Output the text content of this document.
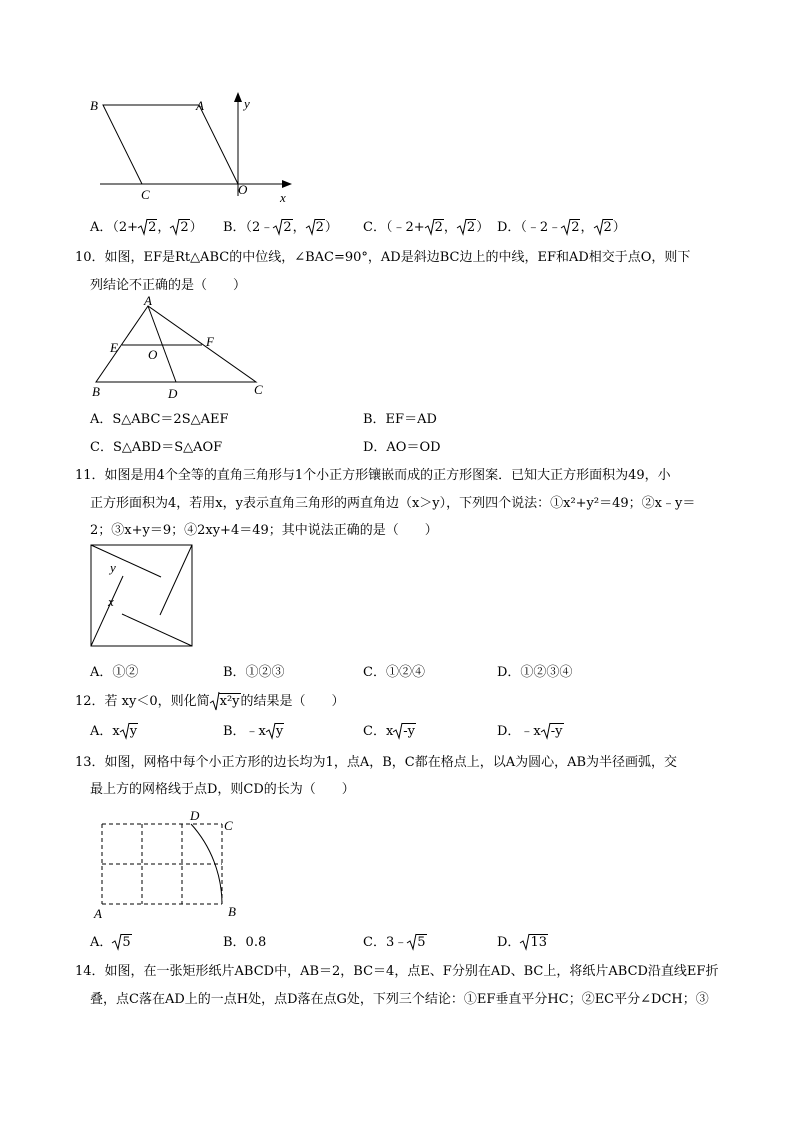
B	A	y
C	O
x
A．（2+ 2， 2） B．（2﹣ 2， 2） C．（﹣2+ 2， 2） D．（﹣2﹣ 2， 2）
10．如图，EF是Rt△ABC的中位线，∠BAC=90°，AD是斜边BC边上的中线，EF和AD相交于点O，则下
列结论不正确的是（　　）
A
E O
F
B	D	C
A．S△ABC＝2S△AEF	B．EF＝AD
C．S△ABD＝S△AOF	D．AO＝OD
11．如图是用4个全等的直角三角形与1个小正方形镶嵌而成的正方形图案．已知大正方形面积为49，小
正方形面积为4，若用x，y表示直角三角形的两直角边（x＞y），下列四个说法：①x²+y²＝49；②x﹣y＝
2；③x+y＝9；④2xy+4＝49；其中说法正确的是（　　）
y
x
A．①②	B．①②③	C．①②④	D．①②③④
12．若 xy＜0，则化简 x²y的结果是（　　）
A．x y	B．﹣x y	C．x -y	D．﹣x -y
13．如图，网格中每个小正方形的边长均为1，点A，B，C都在格点上，以A为圆心，AB为半径画弧，交
最上方的网格线于点D，则CD的长为（　　）
D
C
A	B
A． 5	B．0.8	C．3﹣ 5	D． 13
14．如图，在一张矩形纸片ABCD中，AB＝2，BC＝4，点E、F分别在AD、BC上，将纸片ABCD沿直线EF折
叠，点C落在AD上的一点H处，点D落在点G处，下列三个结论：①EF垂直平分HC；②EC平分∠DCH；③
